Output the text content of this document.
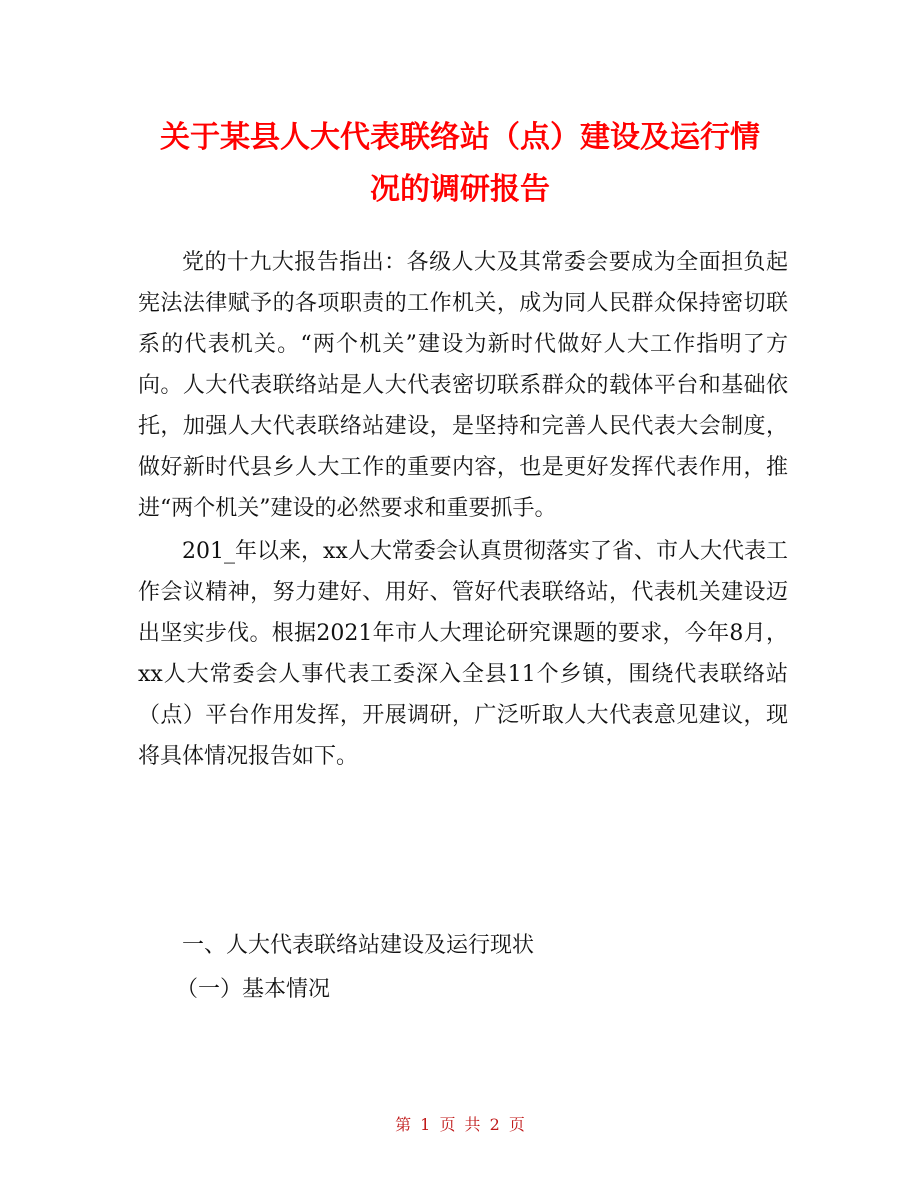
关于某县人大代表联络站（点）建设及运行情
况的调研报告

党的十九大报告指出：各级人大及其常委会要成为全面担负起宪法法律赋予的各项职责的工作机关，成为同人民群众保持密切联系的代表机关。“两个机关”建设为新时代做好人大工作指明了方向。人大代表联络站是人大代表密切联系群众的载体平台和基础依托，加强人大代表联络站建设，是坚持和完善人民代表大会制度，做好新时代县乡人大工作的重要内容，也是更好发挥代表作用，推进“两个机关”建设的必然要求和重要抓手。

201_年以来，xx人大常委会认真贯彻落实了省、市人大代表工作会议精神，努力建好、用好、管好代表联络站，代表机关建设迈出坚实步伐。根据2021年市人大理论研究课题的要求，今年8月，xx人大常委会人事代表工委深入全县11个乡镇，围绕代表联络站（点）平台作用发挥，开展调研，广泛听取人大代表意见建议，现将具体情况报告如下。

一、人大代表联络站建设及运行现状

（一）基本情况

第 1 页 共 2 页
